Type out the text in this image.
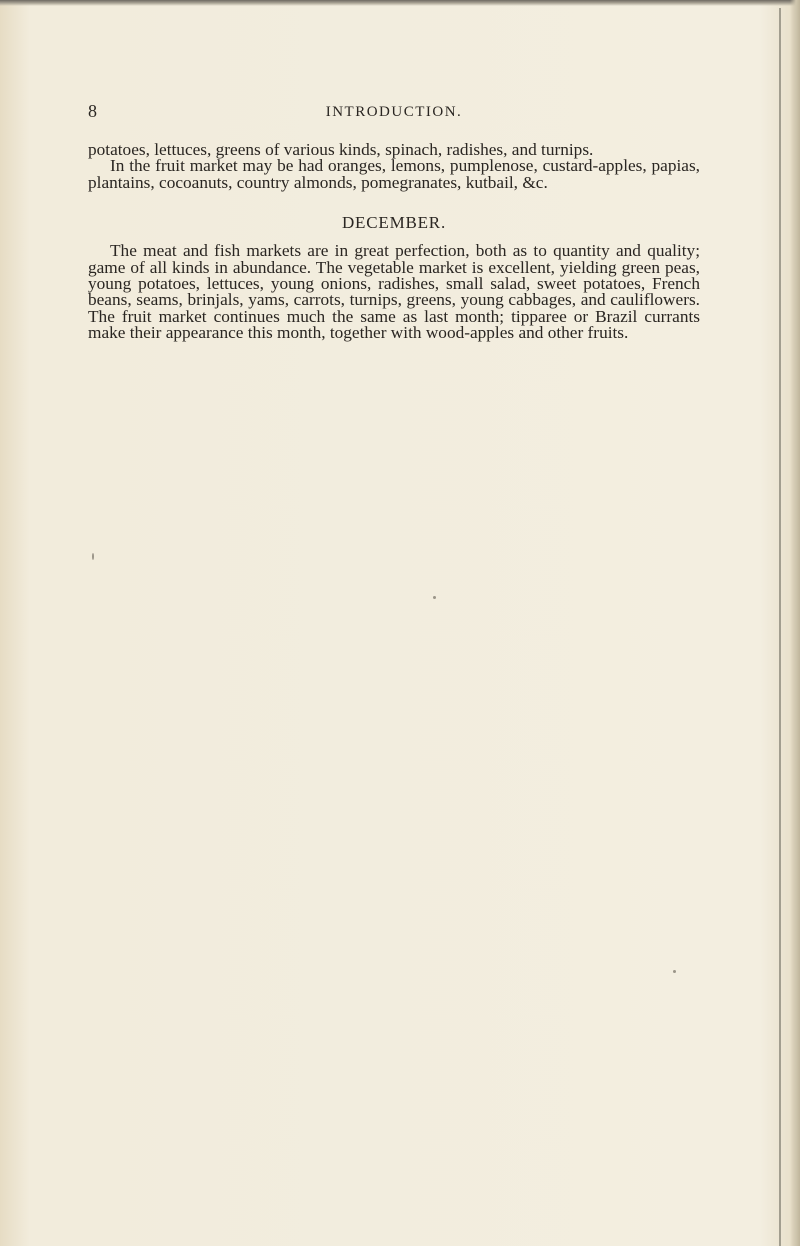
8	INTRODUCTION.

potatoes, lettuces, greens of various kinds, spinach, radishes, and turnips.

In the fruit market may be had oranges, lemons, pumplenose, custard-apples, papias, plantains, cocoanuts, country almonds, pomegranates, kutbail, &c.

DECEMBER.

The meat and fish markets are in great perfection, both as to quantity and quality; game of all kinds in abundance. The vegetable market is excellent, yielding green peas, young potatoes, lettuces, young onions, radishes, small salad, sweet potatoes, French beans, seams, brinjals, yams, carrots, turnips, greens, young cabbages, and cauliflowers. The fruit market continues much the same as last month; tipparee or Brazil currants make their appearance this month, together with wood-apples and other fruits.
